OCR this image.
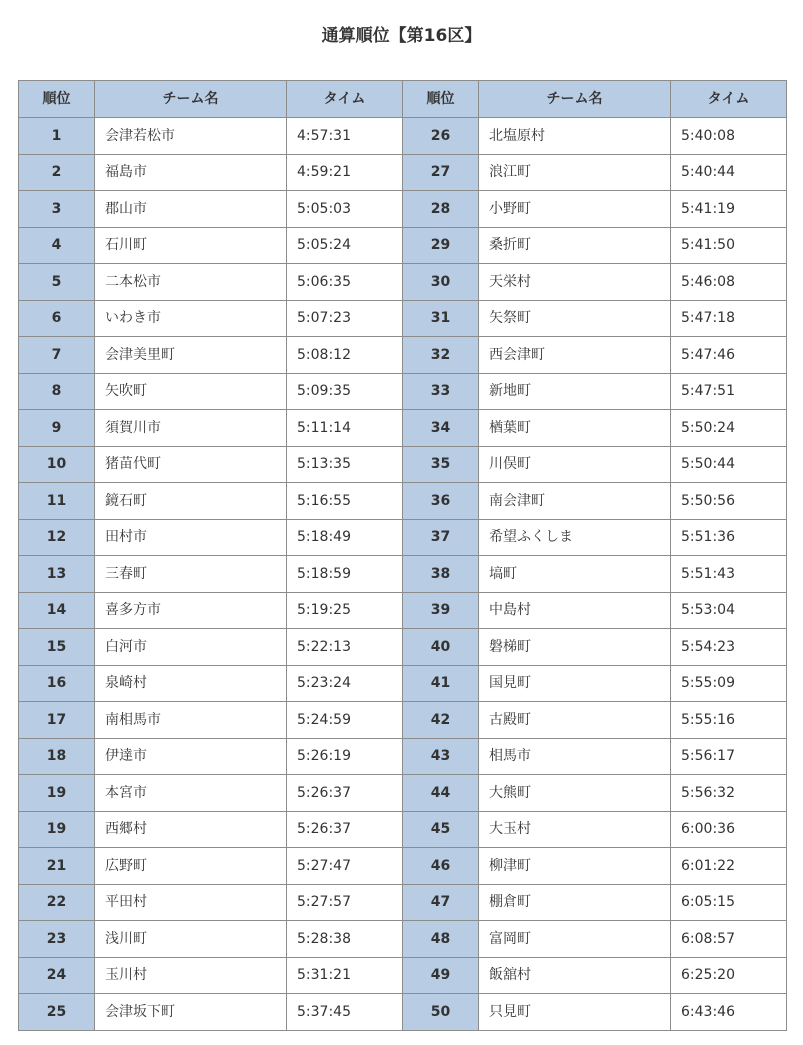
通算順位【第16区】
順位	チーム名	タイム	順位	チーム名	タイム
1	会津若松市	4:57:31	26	北塩原村	5:40:08
2	福島市	4:59:21	27	浪江町	5:40:44
3	郡山市	5:05:03	28	小野町	5:41:19
4	石川町	5:05:24	29	桑折町	5:41:50
5	二本松市	5:06:35	30	天栄村	5:46:08
6	いわき市	5:07:23	31	矢祭町	5:47:18
7	会津美里町	5:08:12	32	西会津町	5:47:46
8	矢吹町	5:09:35	33	新地町	5:47:51
9	須賀川市	5:11:14	34	楢葉町	5:50:24
10	猪苗代町	5:13:35	35	川俣町	5:50:44
11	鏡石町	5:16:55	36	南会津町	5:50:56
12	田村市	5:18:49	37	希望ふくしま	5:51:36
13	三春町	5:18:59	38	塙町	5:51:43
14	喜多方市	5:19:25	39	中島村	5:53:04
15	白河市	5:22:13	40	磐梯町	5:54:23
16	泉崎村	5:23:24	41	国見町	5:55:09
17	南相馬市	5:24:59	42	古殿町	5:55:16
18	伊達市	5:26:19	43	相馬市	5:56:17
19	本宮市	5:26:37	44	大熊町	5:56:32
19	西郷村	5:26:37	45	大玉村	6:00:36
21	広野町	5:27:47	46	柳津町	6:01:22
22	平田村	5:27:57	47	棚倉町	6:05:15
23	浅川町	5:28:38	48	富岡町	6:08:57
24	玉川村	5:31:21	49	飯舘村	6:25:20
25	会津坂下町	5:37:45	50	只見町	6:43:46
